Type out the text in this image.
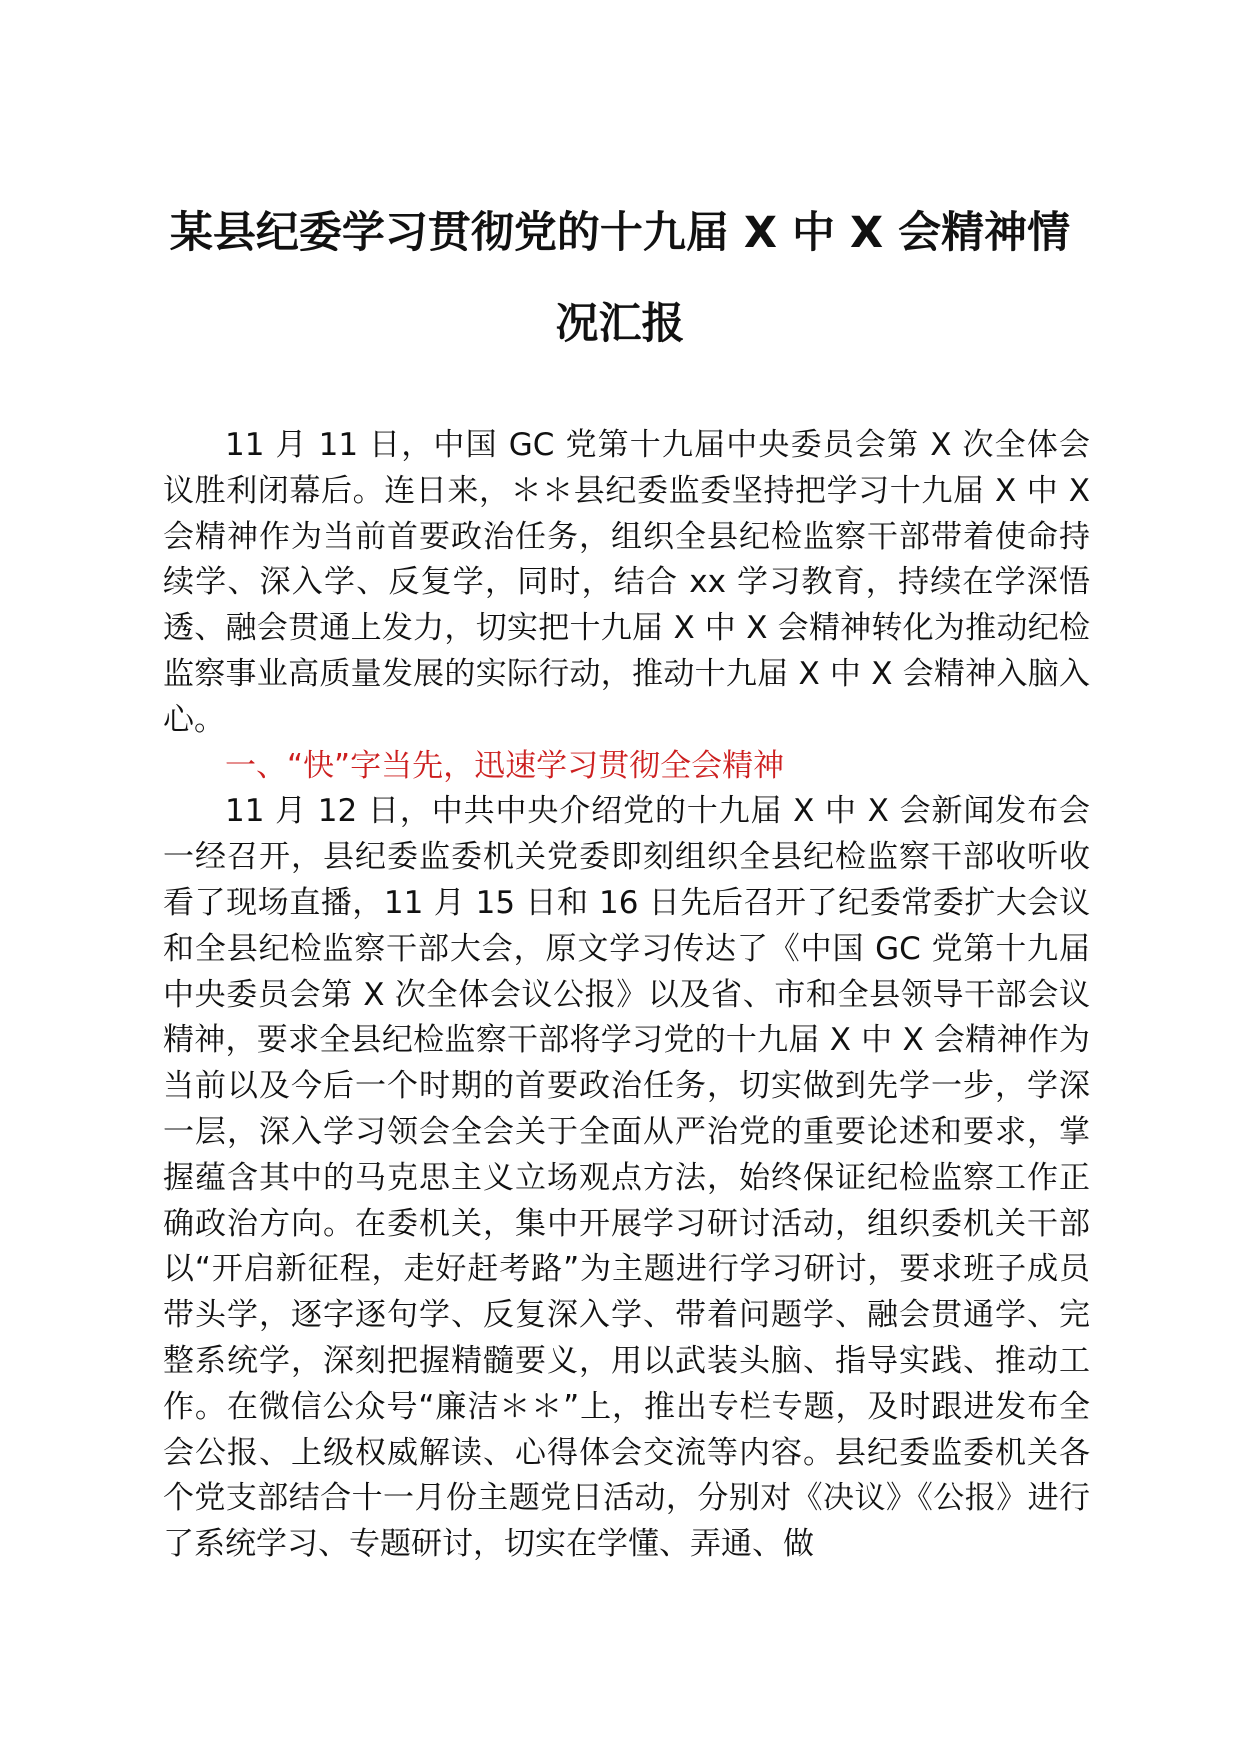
某县纪委学习贯彻党的十九届 X 中 X 会精神情况汇报

11 月 11 日，中国 GC 党第十九届中央委员会第 X 次全体会议胜利闭幕后。连日来，＊＊县纪委监委坚持把学习十九届 X 中 X 会精神作为当前首要政治任务，组织全县纪检监察干部带着使命持续学、深入学、反复学，同时，结合 xx 学习教育，持续在学深悟透、融会贯通上发力，切实把十九届 X 中 X 会精神转化为推动纪检监察事业高质量发展的实际行动，推动十九届 X 中 X 会精神入脑入心。

一、“快”字当先，迅速学习贯彻全会精神

11 月 12 日，中共中央介绍党的十九届 X 中 X 会新闻发布会一经召开，县纪委监委机关党委即刻组织全县纪检监察干部收听收看了现场直播，11 月 15 日和 16 日先后召开了纪委常委扩大会议和全县纪检监察干部大会，原文学习传达了《中国 GC 党第十九届中央委员会第 X 次全体会议公报》以及省、市和全县领导干部会议精神，要求全县纪检监察干部将学习党的十九届 X 中 X 会精神作为当前以及今后一个时期的首要政治任务，切实做到先学一步，学深一层，深入学习领会全会关于全面从严治党的重要论述和要求，掌握蕴含其中的马克思主义立场观点方法，始终保证纪检监察工作正确政治方向。在委机关，集中开展学习研讨活动，组织委机关干部以“开启新征程，走好赶考路”为主题进行学习研讨，要求班子成员带头学，逐字逐句学、反复深入学、带着问题学、融会贯通学、完整系统学，深刻把握精髓要义，用以武装头脑、指导实践、推动工作。在微信公众号“廉洁＊＊”上，推出专栏专题，及时跟进发布全会公报、上级权威解读、心得体会交流等内容。县纪委监委机关各个党支部结合十一月份主题党日活动，分别对《决议》《公报》进行了系统学习、专题研讨，切实在学懂、弄通、做
